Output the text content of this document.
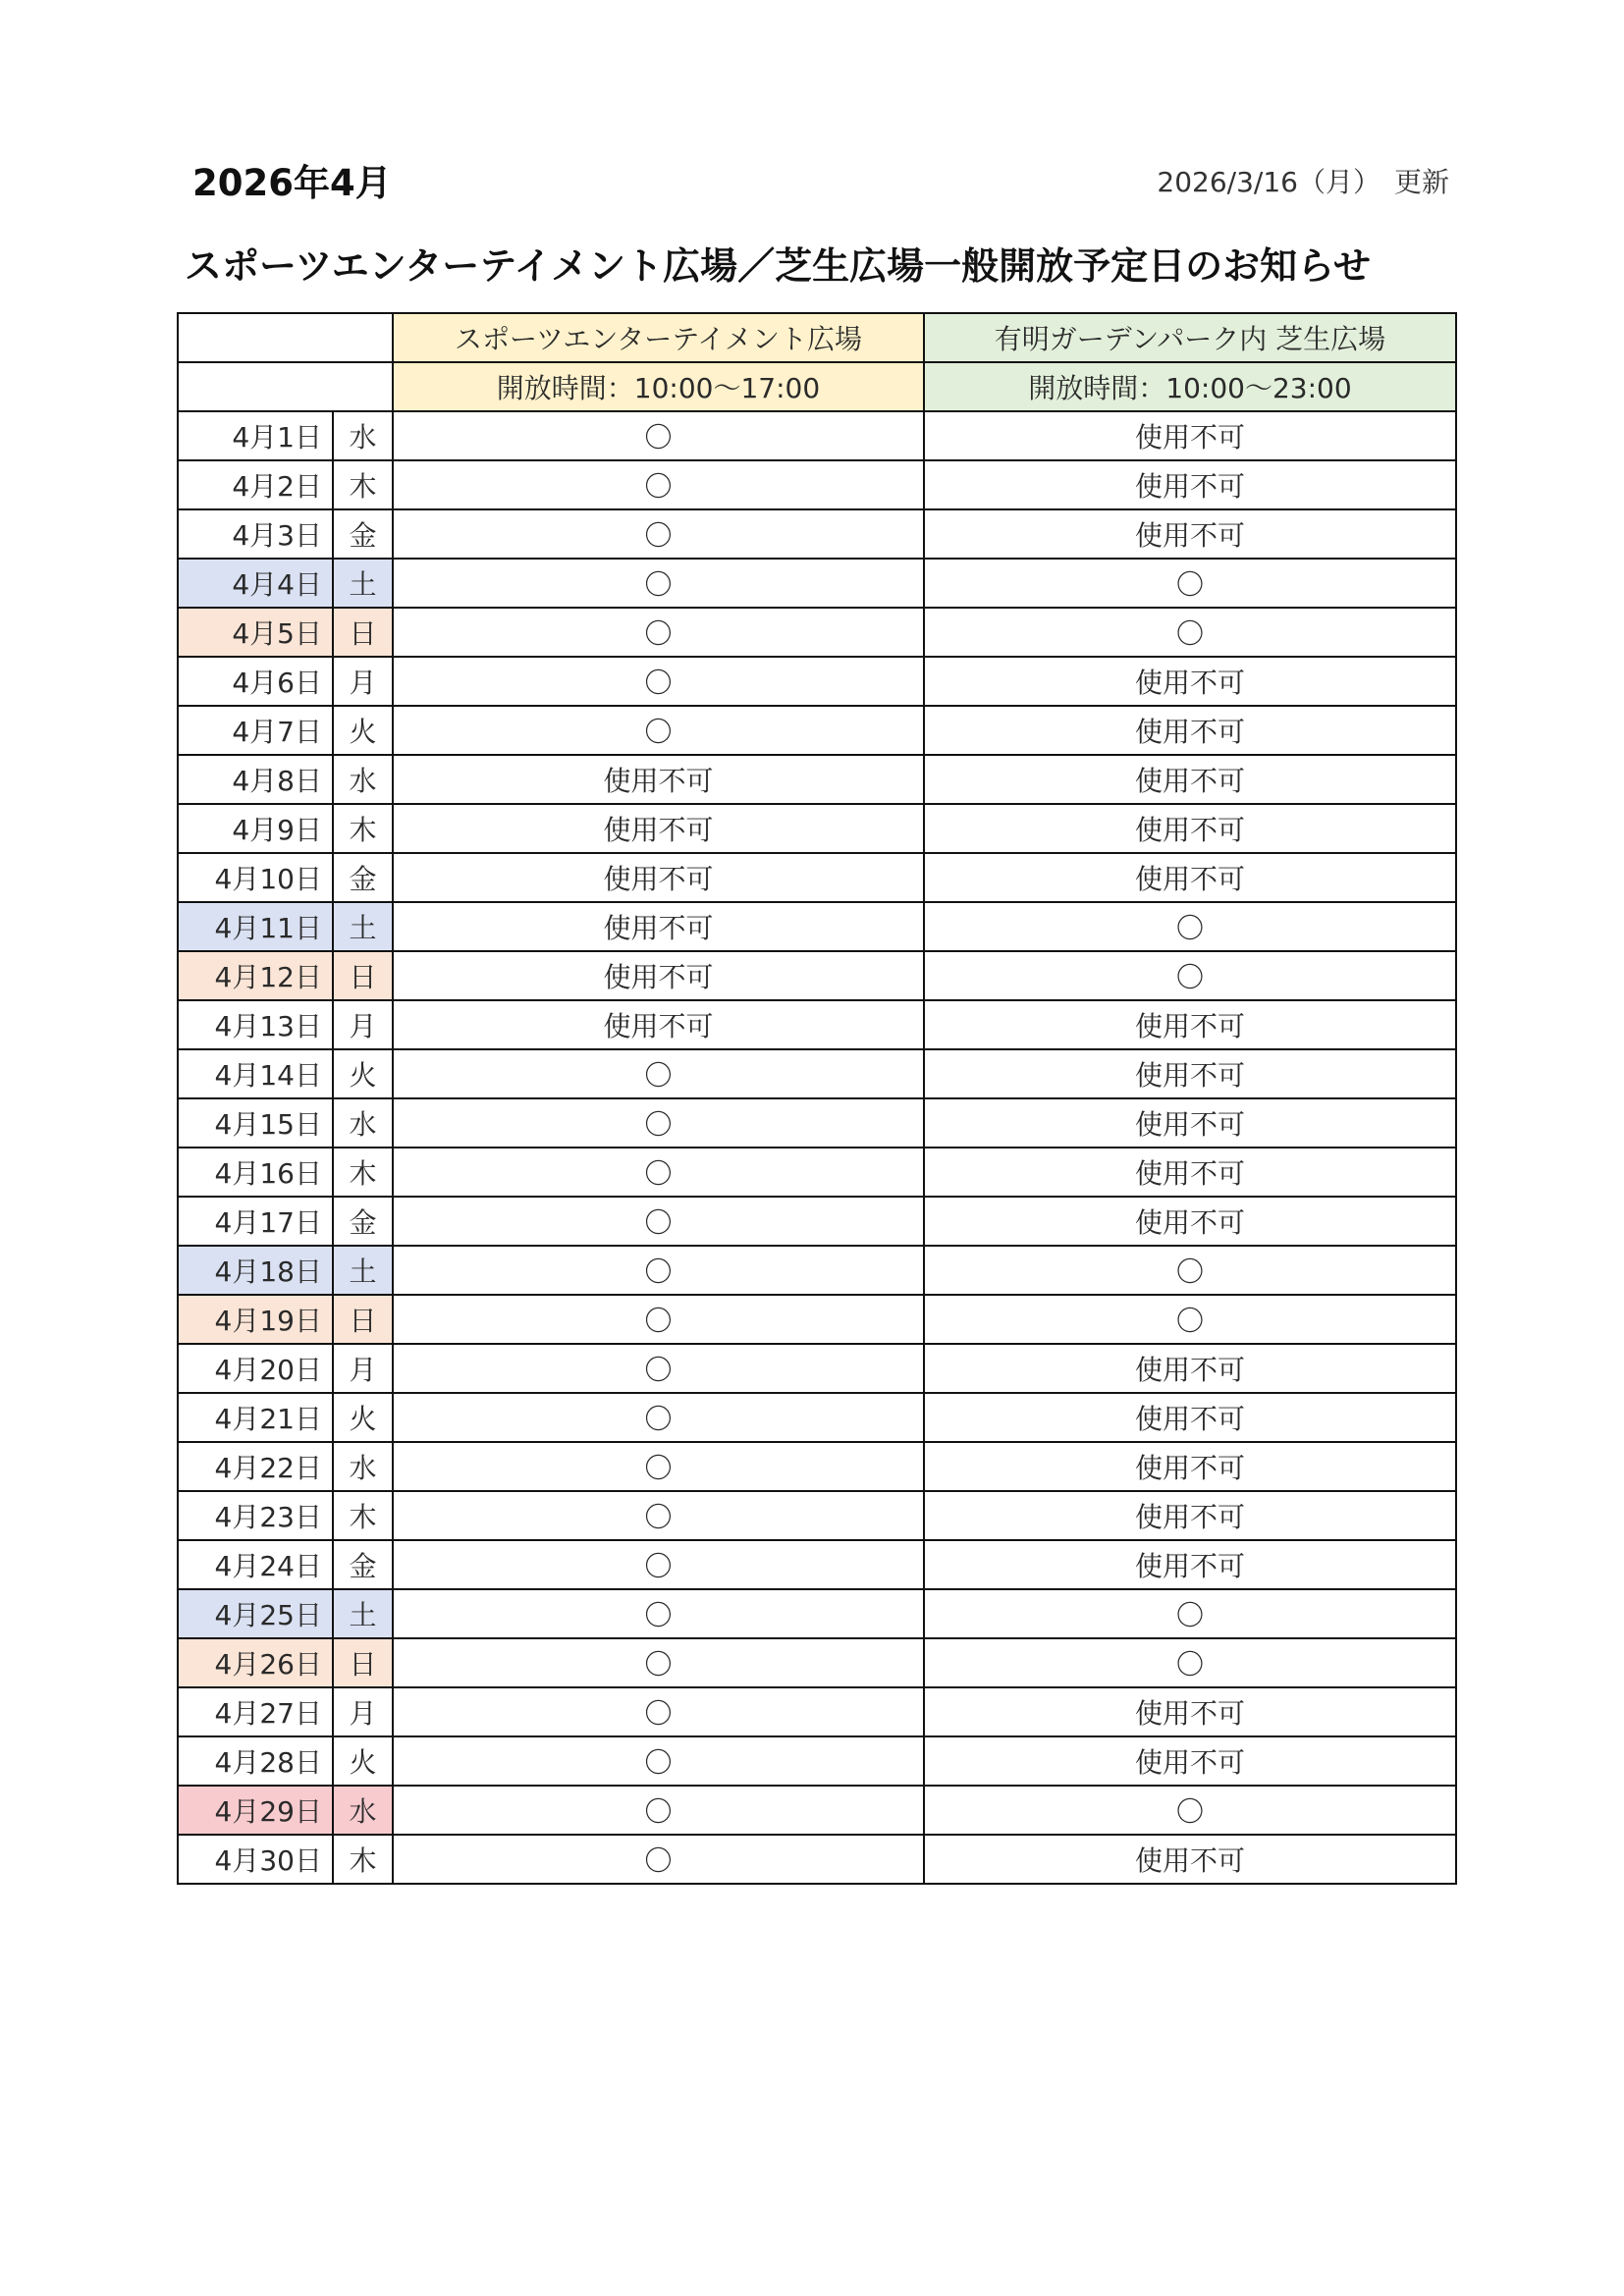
2026年4月	2026/3/16（月）　更新
スポーツエンターテイメント広場／芝生広場一般開放予定日のお知らせ
		スポーツエンターテイメント広場	有明ガーデンパーク内 芝生広場
		開放時間：10:00～17:00	開放時間：10:00～23:00
4月1日	水	〇	使用不可
4月2日	木	〇	使用不可
4月3日	金	〇	使用不可
4月4日	土	〇	〇
4月5日	日	〇	〇
4月6日	月	〇	使用不可
4月7日	火	〇	使用不可
4月8日	水	使用不可	使用不可
4月9日	木	使用不可	使用不可
4月10日	金	使用不可	使用不可
4月11日	土	使用不可	〇
4月12日	日	使用不可	〇
4月13日	月	使用不可	使用不可
4月14日	火	〇	使用不可
4月15日	水	〇	使用不可
4月16日	木	〇	使用不可
4月17日	金	〇	使用不可
4月18日	土	〇	〇
4月19日	日	〇	〇
4月20日	月	〇	使用不可
4月21日	火	〇	使用不可
4月22日	水	〇	使用不可
4月23日	木	〇	使用不可
4月24日	金	〇	使用不可
4月25日	土	〇	〇
4月26日	日	〇	〇
4月27日	月	〇	使用不可
4月28日	火	〇	使用不可
4月29日	水	〇	〇
4月30日	木	〇	使用不可
